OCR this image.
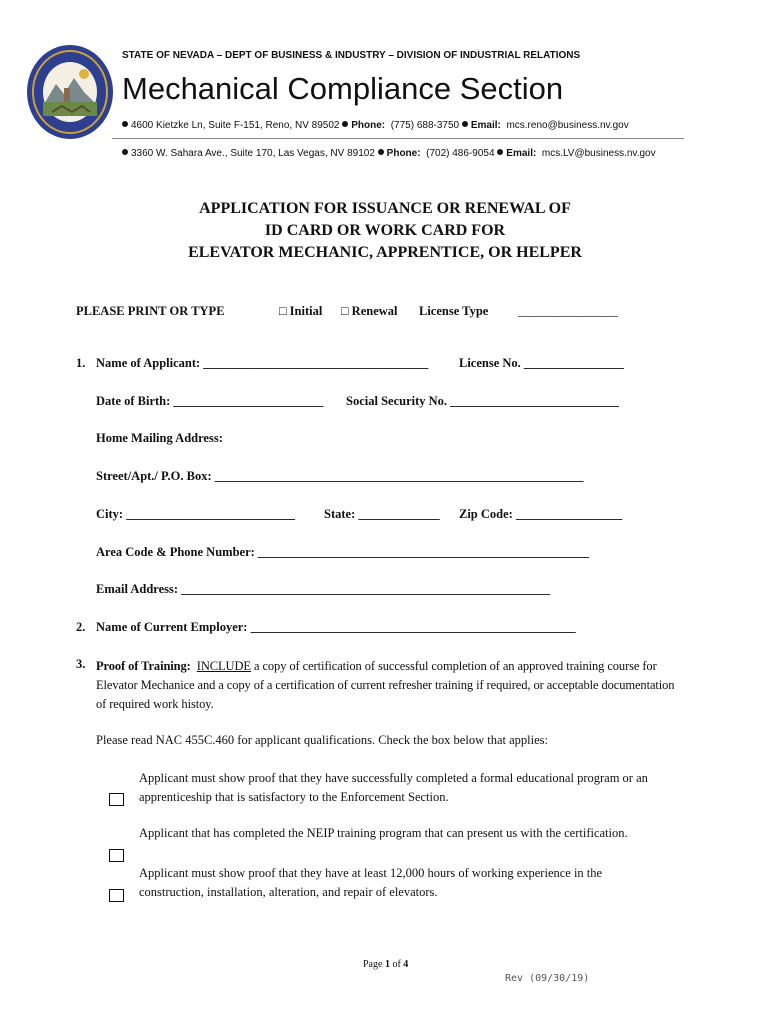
STATE OF NEVADA – DEPT OF BUSINESS & INDUSTRY – DIVISION OF INDUSTRIAL RELATIONS
Mechanical Compliance Section
4600 Kietzke Ln, Suite F-151, Reno, NV 89502 Phone: (775) 688-3750 Email: mcs.reno@business.nv.gov
3360 W. Sahara Ave., Suite 170, Las Vegas, NV 89102 Phone: (702) 486-9054 Email: mcs.LV@business.nv.gov
APPLICATION FOR ISSUANCE OR RENEWAL OF
ID CARD OR WORK CARD FOR
ELEVATOR MECHANIC, APPRENTICE, OR HELPER
PLEASE PRINT OR TYPE	□ Initial □ Renewal License Type ________________
1. Name of Applicant: ____________________________________ License No. ________________
Date of Birth: ________________________ Social Security No. ___________________________
Home Mailing Address:
Street/Apt./ P.O. Box: ___________________________________________________________
City: ___________________________ State: _____________ Zip Code: _________________
Area Code & Phone Number: _____________________________________________________
Email Address: ___________________________________________________________
2. Name of Current Employer: ____________________________________________________
3. Proof of Training: INCLUDE a copy of certification of successful completion of an approved training course for Elevator Mechanice and a copy of a certification of current refresher training if required, or acceptable documentation of required work histoy.
Please read NAC 455C.460 for applicant qualifications. Check the box below that applies:
Applicant must show proof that they have successfully completed a formal educational program or an apprenticeship that is satisfactory to the Enforcement Section.
Applicant that has completed the NEIP training program that can present us with the certification.
Applicant must show proof that they have at least 12,000 hours of working experience in the construction, installation, alteration, and repair of elevators.
Page 1 of 4
Rev (09/30/19)
